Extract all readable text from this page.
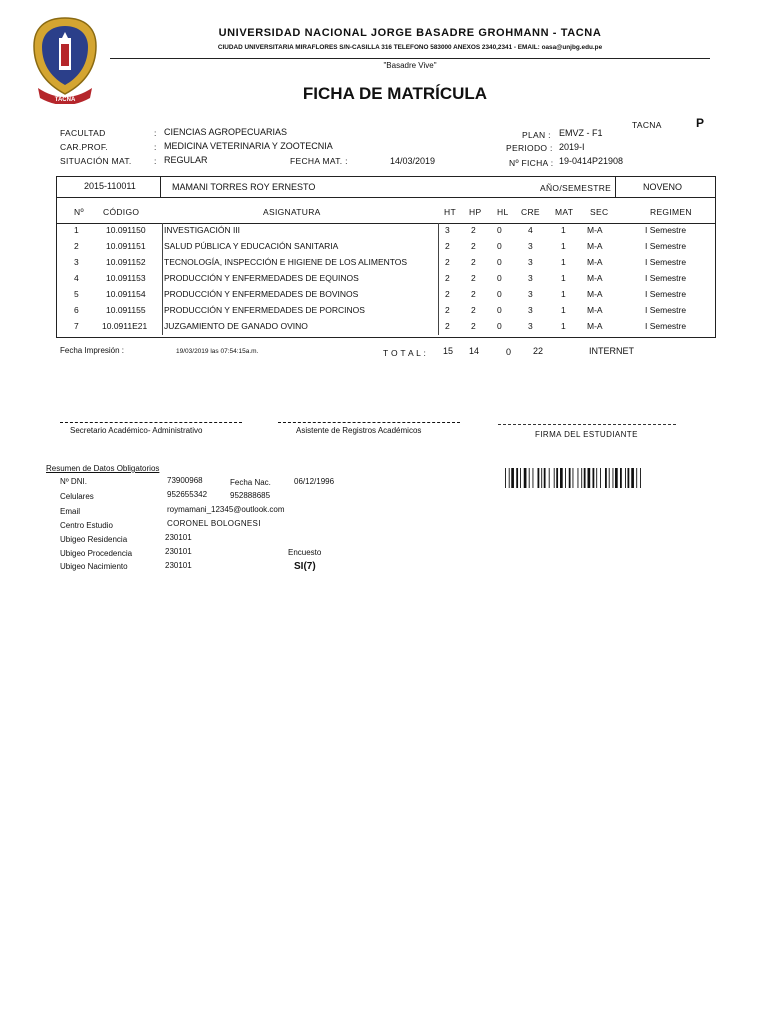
TACNA
UNIVERSIDAD NACIONAL JORGE BASADRE GROHMANN - TACNA
CIUDAD UNIVERSITARIA MIRAFLORES S/N-CASILLA 316 TELEFONO 583000 ANEXOS 2340,2341 - EMAIL: oasa@unjbg.edu.pe
"Basadre Vive"
FICHA DE MATRÍCULA
TACNA	P
FACULTAD	: CIENCIAS AGROPECUARIAS
CAR.PROF.	: MEDICINA VETERINARIA Y ZOOTECNIA
SITUACIÓN MAT.	: REGULAR	FECHA MAT. :	14/03/2019
PLAN : EMVZ - F1
PERIODO : 2019-I
Nº FICHA : 19-0414P21908
2015-110011	MAMANI TORRES ROY ERNESTO	AÑO/SEMESTRE	NOVENO
Nº CÓDIGO	ASIGNATURA	HT HP HL CRE MAT SEC	REGIMEN
1	10.091150 INVESTIGACIÓN III	3	2	0	4	1	M-A	I Semestre
2	10.091151 SALUD PÚBLICA Y EDUCACIÓN SANITARIA	2	2	0	3	1	M-A	I Semestre
3	10.091152 TECNOLOGÍA, INSPECCIÓN E HIGIENE DE LOS ALIMENTOS	2	2	0	3	1	M-A	I Semestre
4	10.091153 PRODUCCIÓN Y ENFERMEDADES DE EQUINOS	2	2	0	3	1	M-A	I Semestre
5	10.091154 PRODUCCIÓN Y ENFERMEDADES DE BOVINOS	2	2	0	3	1	M-A	I Semestre
6	10.091155 PRODUCCIÓN Y ENFERMEDADES DE PORCINOS	2	2	0	3	1	M-A	I Semestre
7	10.0911E21 JUZGAMIENTO DE GANADO OVINO	2	2	0	3	1	M-A	I Semestre
Fecha Impresión :	19/03/2019 las 07:54:15a.m.	T O T A L : 15 14	0 22	INTERNET
Secretario Académico- Administrativo	Asistente de Registros Académicos	FIRMA DEL ESTUDIANTE
Resumen de Datos Obligatorios
Nº DNI.	73900968	Fecha Nac.	06/12/1996
Celulares	952655342	952888685
Email	roymamani_12345@outlook.com
Centro Estudio	CORONEL BOLOGNESI
Ubigeo Residencia	230101
Ubigeo Procedencia	230101	Encuesto
Ubigeo Nacimiento	230101	SI(7)
